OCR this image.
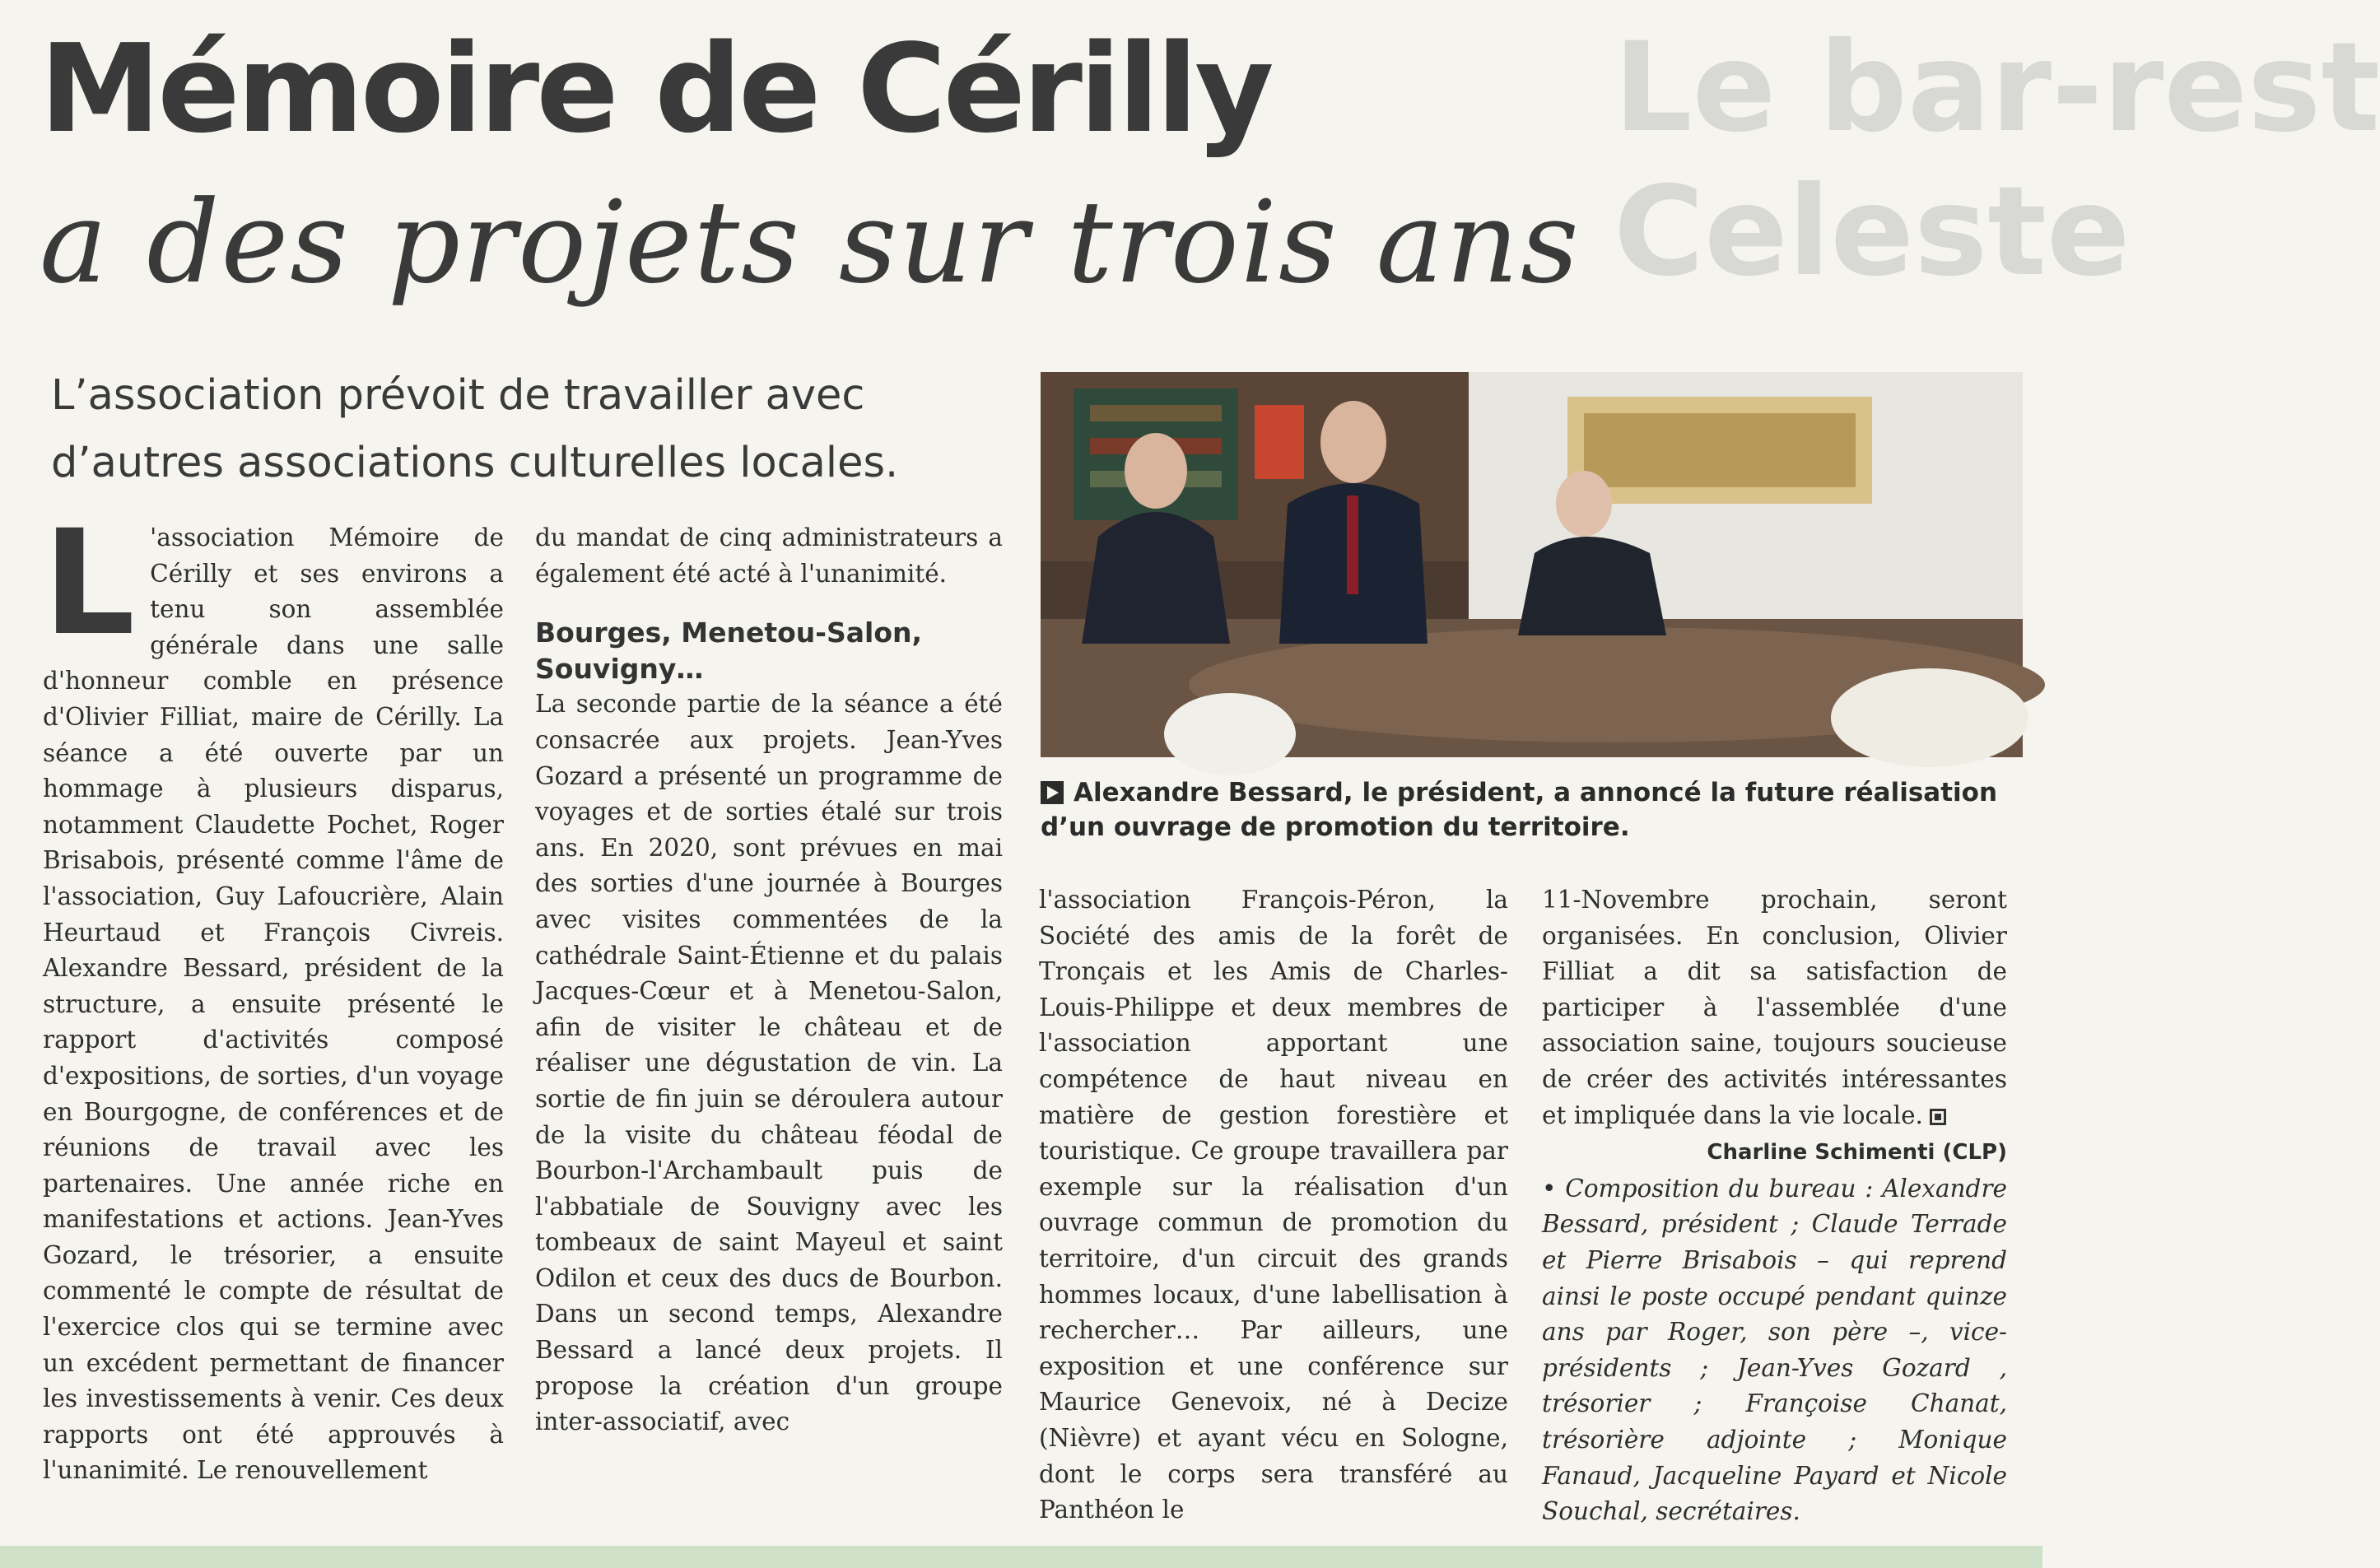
Le bar-rest
Celeste
Mémoire de Cérilly
a des projets sur trois ans
L’association prévoit de travailler avec d’autres associations culturelles locales.
L 'association Mémoire de Cérilly et ses environs a tenu son assemblée générale dans une salle d'honneur comble en présence d'Olivier Filliat, maire de Cérilly. La séance a été ouverte par un hommage à plusieurs disparus, notamment Claudette Pochet, Roger Brisabois, présenté comme l'âme de l'association, Guy Lafoucrière, Alain Heurtaud et François Civreis. Alexandre Bessard, président de la structure, a ensuite présenté le rapport d'activités composé d'expositions, de sorties, d'un voyage en Bourgogne, de conférences et de réunions de travail avec les partenaires. Une année riche en manifestations et actions. Jean-Yves Gozard, le trésorier, a ensuite commenté le compte de résultat de l'exercice clos qui se termine avec un excédent permettant de financer les investissements à venir. Ces deux rapports ont été approuvés à l'unanimité. Le renouvellement

du mandat de cinq administrateurs a également été acté à l'unanimité.

Bourges, Menetou-Salon, Souvigny…

La seconde partie de la séance a été consacrée aux projets. Jean-Yves Gozard a présenté un programme de voyages et de sorties étalé sur trois ans. En 2020, sont prévues en mai des sorties d'une journée à Bourges avec visites commentées de la cathédrale Saint-Étienne et du palais Jacques-Cœur et à Menetou-Salon, afin de visiter le château et de réaliser une dégustation de vin. La sortie de fin juin se déroulera autour de la visite du château féodal de Bourbon-l'Archambault puis de l'abbatiale de Souvigny avec les tombeaux de saint Mayeul et saint Odilon et ceux des ducs de Bourbon. Dans un second temps, Alexandre Bessard a lancé deux projets. Il propose la création d'un groupe inter-associatif, avec

Alexandre Bessard, le président, a annoncé la future réalisation d’un ouvrage de promotion du territoire.

l'association François-Péron, la Société des amis de la forêt de Tronçais et les Amis de Charles-Louis-Philippe et deux membres de l'association apportant une compétence de haut niveau en matière de gestion forestière et touristique. Ce groupe travaillera par exemple sur la réalisation d'un ouvrage commun de promotion du territoire, d'un circuit des grands hommes locaux, d'une labellisation à rechercher… Par ailleurs, une exposition et une conférence sur Maurice Genevoix, né à Decize (Nièvre) et ayant vécu en Sologne, dont le corps sera transféré au Panthéon le

11-Novembre prochain, seront organisées. En conclusion, Olivier Filliat a dit sa satisfaction de participer à l'assemblée d'une association saine, toujours soucieuse de créer des activités intéressantes et impliquée dans la vie locale.

Charline Schimenti (CLP)

• Composition du bureau : Alexandre Bessard, président ; Claude Terrade et Pierre Brisabois – qui reprend ainsi le poste occupé pendant quinze ans par Roger, son père –, vice-présidents ; Jean-Yves Gozard , trésorier ; Françoise Chanat, trésorière adjointe ; Monique Fanaud, Jacqueline Payard et Nicole Souchal, secrétaires.
